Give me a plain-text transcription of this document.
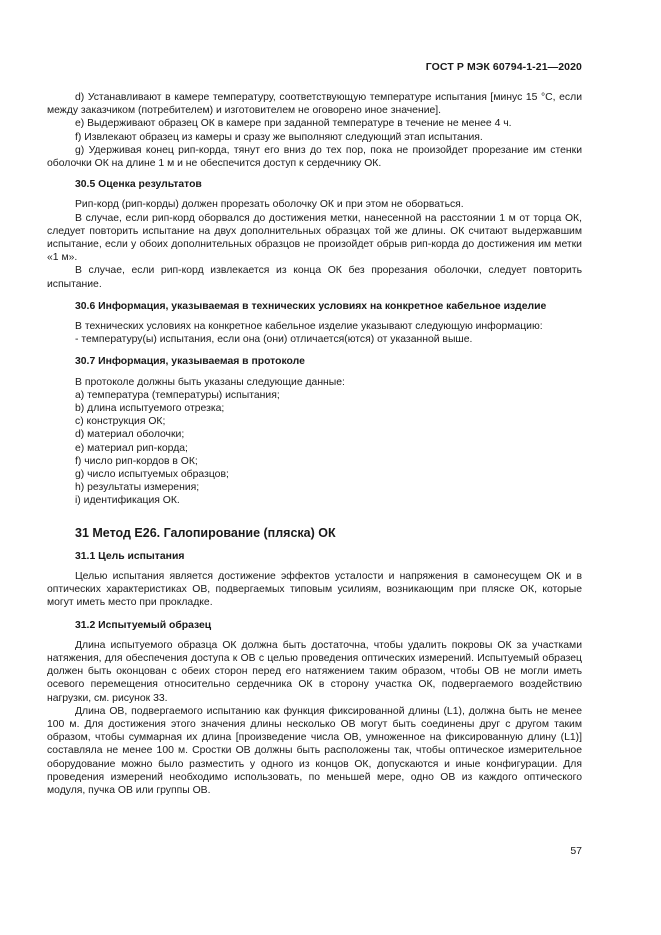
ГОСТ Р МЭК 60794-1-21—2020

d) Устанавливают в камере температуру, соответствующую температуре испытания [минус 15 °С, если между заказчиком (потребителем) и изготовителем не оговорено иное значение].

e) Выдерживают образец ОК в камере при заданной температуре в течение не менее 4 ч.

f) Извлекают образец из камеры и сразу же выполняют следующий этап испытания.

g) Удерживая конец рип-корда, тянут его вниз до тех пор, пока не произойдет прорезание им стенки оболочки ОК на длине 1 м и не обеспечится доступ к сердечнику ОК.

30.5 Оценка результатов

Рип-корд (рип-корды) должен прорезать оболочку ОК и при этом не оборваться.

В случае, если рип-корд оборвался до достижения метки, нанесенной на расстоянии 1 м от торца ОК, следует повторить испытание на двух дополнительных образцах той же длины. ОК считают выдержавшим испытание, если у обоих дополнительных образцов не произойдет обрыв рип-корда до достижения им метки «1 м».

В случае, если рип-корд извлекается из конца ОК без прорезания оболочки, следует повторить испытание.

30.6 Информация, указываемая в технических условиях на конкретное кабельное изделие

В технических условиях на конкретное кабельное изделие указывают следующую информацию:

- температуру(ы) испытания, если она (они) отличается(ются) от указанной выше.

30.7 Информация, указываемая в протоколе

В протоколе должны быть указаны следующие данные:

a) температура (температуры) испытания;

b) длина испытуемого отрезка;

c) конструкция ОК;

d) материал оболочки;

e) материал рип-корда;

f) число рип-кордов в ОК;

g) число испытуемых образцов;

h) результаты измерения;

i) идентификация ОК.

31 Метод Е26. Галопирование (пляска) ОК

31.1 Цель испытания

Целью испытания является достижение эффектов усталости и напряжения в самонесущем ОК и в оптических характеристиках ОВ, подвергаемых типовым усилиям, возникающим при пляске ОК, которые могут иметь место при прокладке.

31.2 Испытуемый образец

Длина испытуемого образца ОК должна быть достаточна, чтобы удалить покровы ОК за участками натяжения, для обеспечения доступа к ОВ с целью проведения оптических измерений. Испытуемый образец должен быть оконцован с обеих сторон перед его натяжением таким образом, чтобы ОВ не могли иметь осевого перемещения относительно сердечника ОК в сторону участка ОК, подвергаемого воздействию нагрузки, см. рисунок 33.

Длина ОВ, подвергаемого испытанию как функция фиксированной длины (L1), должна быть не менее 100 м. Для достижения этого значения длины несколько ОВ могут быть соединены друг с другом таким образом, чтобы суммарная их длина [произведение числа ОВ, умноженное на фиксированную длину (L1)] составляла не менее 100 м. Сростки ОВ должны быть расположены так, чтобы оптическое измерительное оборудование можно было разместить у одного из концов ОК, допускаются и иные конфигурации. Для проведения измерений необходимо использовать, по меньшей мере, одно ОВ из каждого оптического модуля, пучка ОВ или группы ОВ.

57
